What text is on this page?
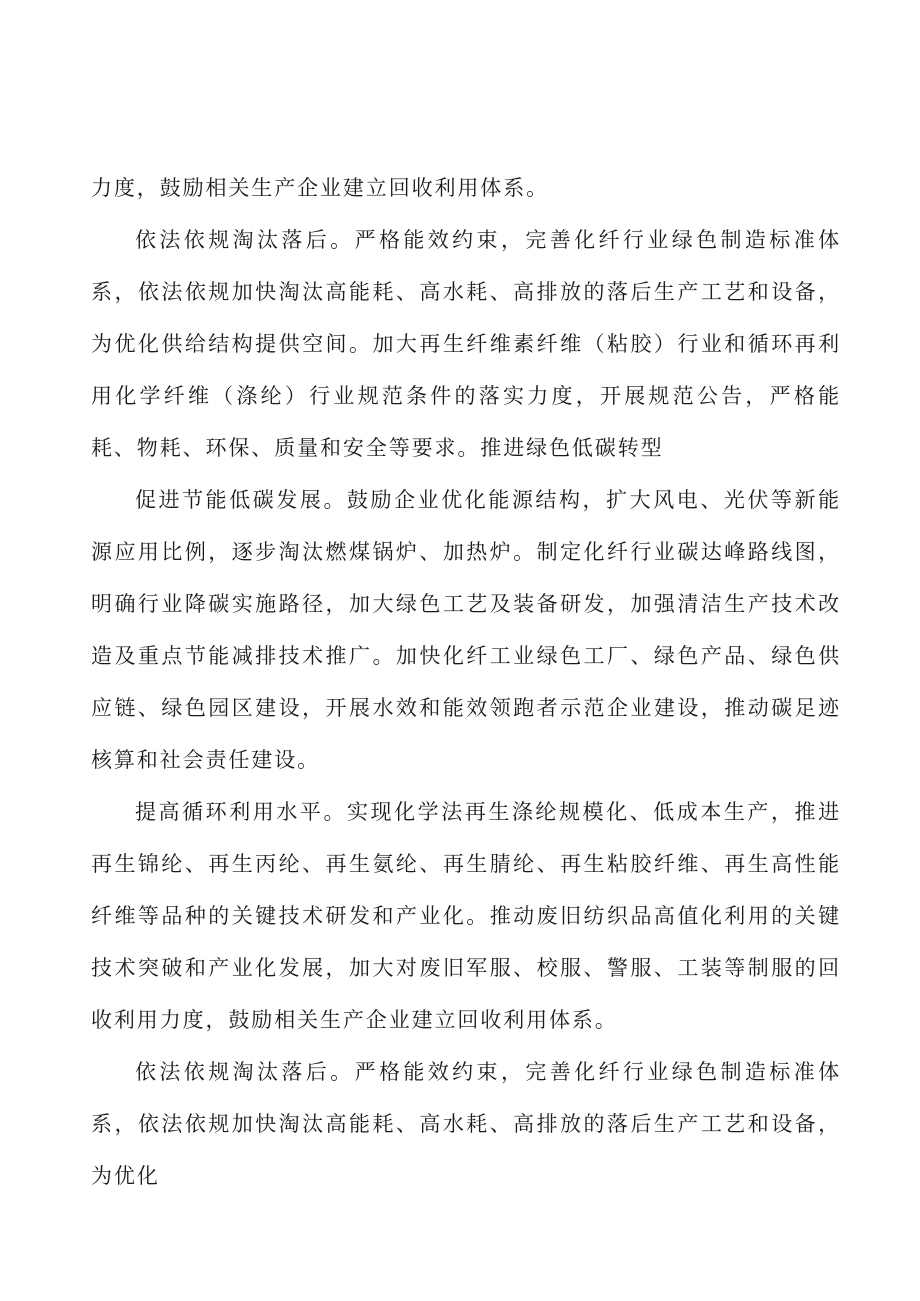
力度，鼓励相关生产企业建立回收利用体系。

依法依规淘汰落后。严格能效约束，完善化纤行业绿色制造标准体系，依法依规加快淘汰高能耗、高水耗、高排放的落后生产工艺和设备，为优化供给结构提供空间。加大再生纤维素纤维（粘胶）行业和循环再利用化学纤维（涤纶）行业规范条件的落实力度，开展规范公告，严格能耗、物耗、环保、质量和安全等要求。推进绿色低碳转型

促进节能低碳发展。鼓励企业优化能源结构，扩大风电、光伏等新能源应用比例，逐步淘汰燃煤锅炉、加热炉。制定化纤行业碳达峰路线图，明确行业降碳实施路径，加大绿色工艺及装备研发，加强清洁生产技术改造及重点节能减排技术推广。加快化纤工业绿色工厂、绿色产品、绿色供应链、绿色园区建设，开展水效和能效领跑者示范企业建设，推动碳足迹核算和社会责任建设。

提高循环利用水平。实现化学法再生涤纶规模化、低成本生产，推进再生锦纶、再生丙纶、再生氨纶、再生腈纶、再生粘胶纤维、再生高性能纤维等品种的关键技术研发和产业化。推动废旧纺织品高值化利用的关键技术突破和产业化发展，加大对废旧军服、校服、警服、工装等制服的回收利用力度，鼓励相关生产企业建立回收利用体系。

依法依规淘汰落后。严格能效约束，完善化纤行业绿色制造标准体系，依法依规加快淘汰高能耗、高水耗、高排放的落后生产工艺和设备，为优化
